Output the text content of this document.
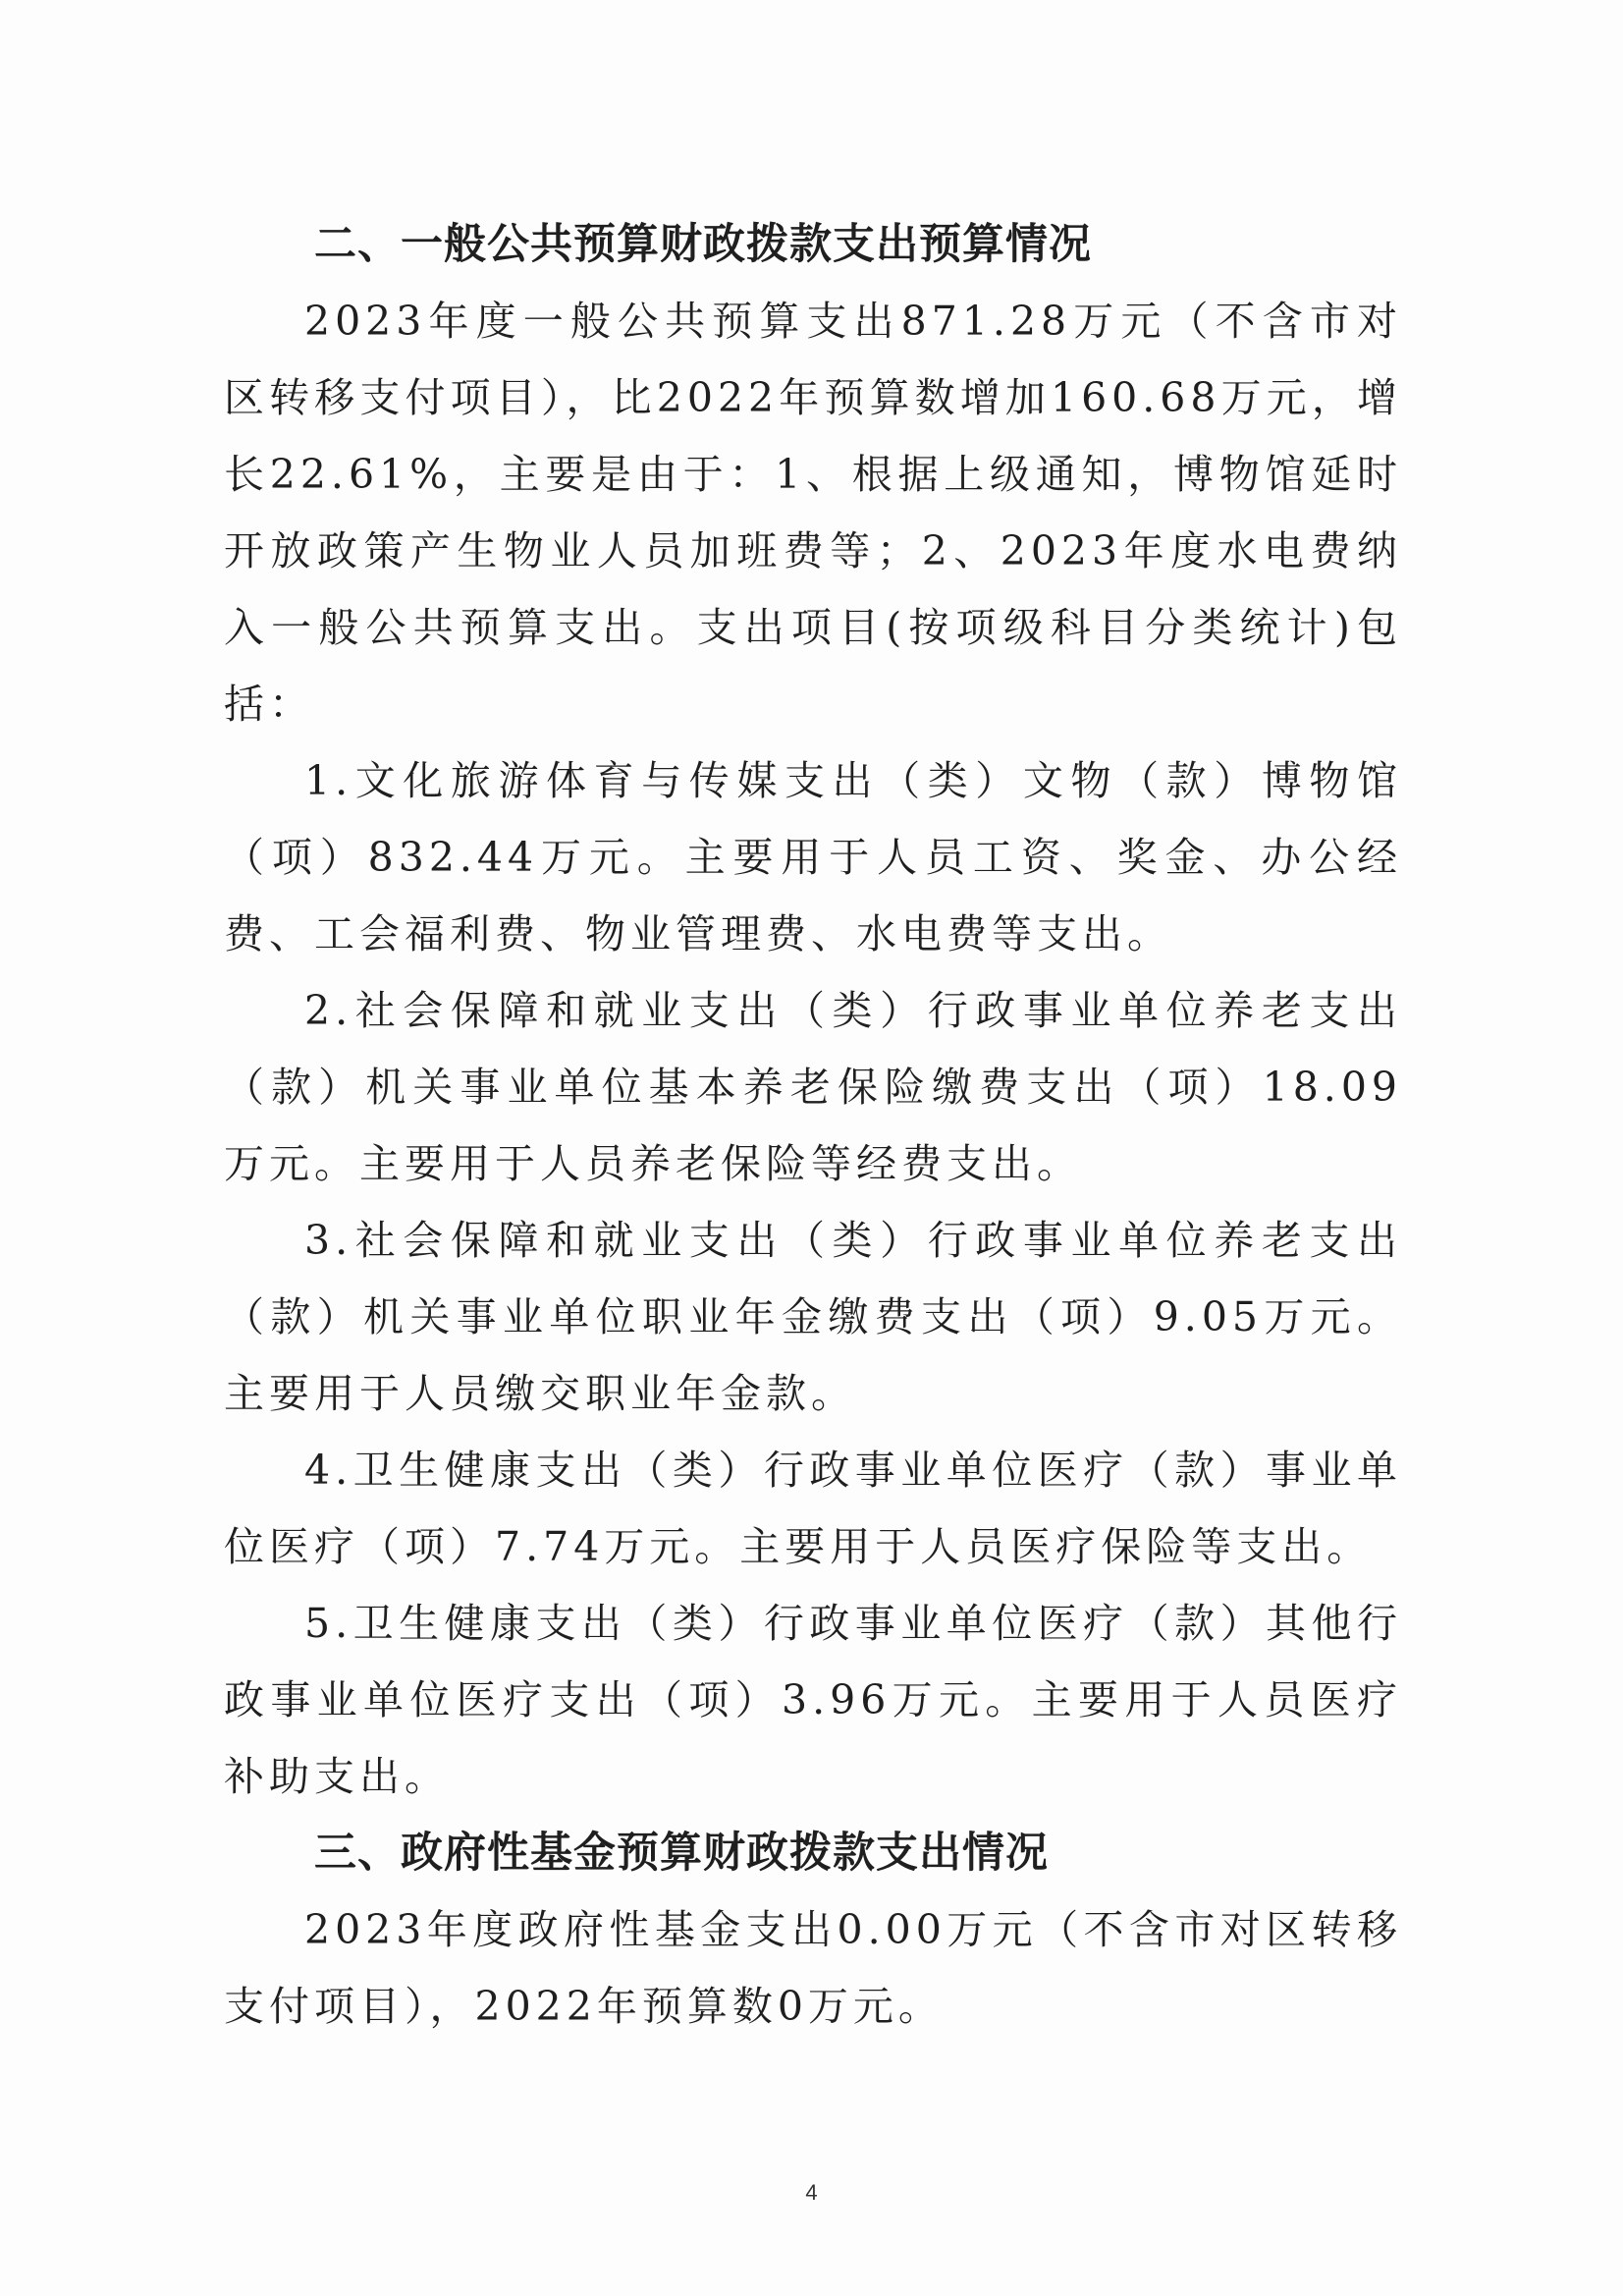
二、一般公共预算财政拨款支出预算情况

2023年度一般公共预算支出871.28万元（不含市对区转移支付项目），比2022年预算数增加160.68万元，增长22.61%，主要是由于：1、根据上级通知，博物馆延时开放政策产生物业人员加班费等；2、2023年度水电费纳入一般公共预算支出。支出项目(按项级科目分类统计)包括：

1.文化旅游体育与传媒支出（类）文物（款）博物馆（项）832.44万元。主要用于人员工资、奖金、办公经费、工会福利费、物业管理费、水电费等支出。

2.社会保障和就业支出（类）行政事业单位养老支出（款）机关事业单位基本养老保险缴费支出（项）18.09万元。主要用于人员养老保险等经费支出。

3.社会保障和就业支出（类）行政事业单位养老支出（款）机关事业单位职业年金缴费支出（项）9.05万元。主要用于人员缴交职业年金款。

4.卫生健康支出（类）行政事业单位医疗（款）事业单位医疗（项）7.74万元。主要用于人员医疗保险等支出。

5.卫生健康支出（类）行政事业单位医疗（款）其他行政事业单位医疗支出（项）3.96万元。主要用于人员医疗补助支出。

三、政府性基金预算财政拨款支出情况

2023年度政府性基金支出0.00万元（不含市对区转移支付项目），2022年预算数0万元。

4
